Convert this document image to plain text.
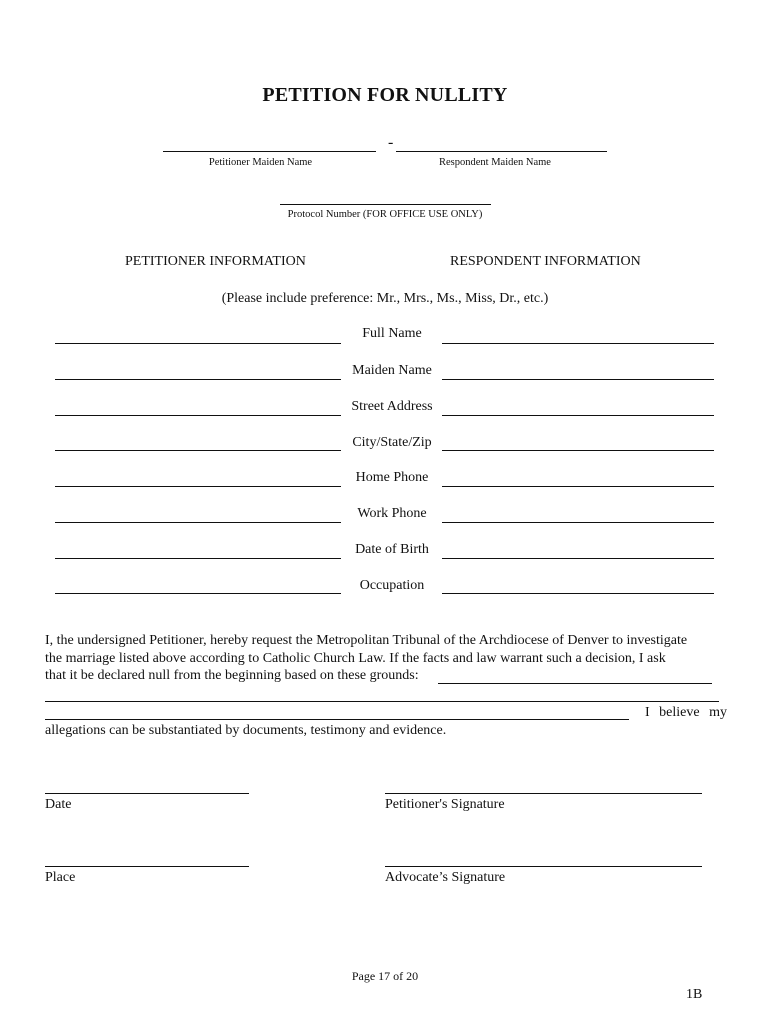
PETITION FOR NULLITY
-
Petitioner Maiden Name	Respondent Maiden Name
Protocol Number (FOR OFFICE USE ONLY)
PETITIONER INFORMATION	RESPONDENT INFORMATION
(Please include preference: Mr., Mrs., Ms., Miss, Dr., etc.)
Full Name
Maiden Name
Street Address
City/State/Zip
Home Phone
Work Phone
Date of Birth
Occupation
I, the undersigned Petitioner, hereby request the Metropolitan Tribunal of the Archdiocese of Denver to investigate
the marriage listed above according to Catholic Church Law. If the facts and law warrant such a decision, I ask
that it be declared null from the beginning based on these grounds:
I believe my
allegations can be substantiated by documents, testimony and evidence.
Date	Petitioner's Signature
Place	Advocate’s Signature
Page 17 of 20
1B
